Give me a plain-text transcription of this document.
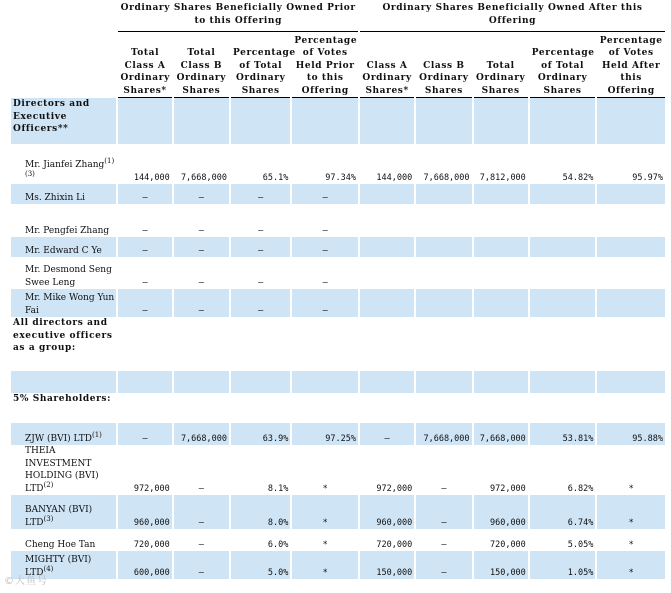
	Ordinary Shares Beneficially Owned Prior to this Offering				Ordinary Shares Beneficially Owned After this Offering				
	Total Class A Ordinary Shares*	Total Class B Ordinary Shares	Percentage of Total Ordinary Shares	Percentage of Votes Held Prior to this Offering	Class A Ordinary Shares*	Class B Ordinary Shares	Total Ordinary Shares	Percentage of Total Ordinary Shares	Percentage of Votes Held After this Offering
Directors and Executive Officers**									
Mr. Jianfei Zhang$^{(1)(3)}$	144,000	7,668,000	65.1%	97.34%	144,000	7,668,000	7,812,000	54.82%	95.97%
Ms. Zhixin Li	—	—	—	—					
Mr. Pengfei Zhang	—	—	—	—					
Mr. Edward C Ye	—	—	—	—					
Mr. Desmond Seng Swee Leng	—	—	—	—					
Mr. Mike Wong Yun Fai	—	—	—	—					
All directors and executive officers as a group:									

5% Shareholders:									
ZJW (BVI) LTD$^{(1)}$	—	7,668,000	63.9%	97.25%	—	7,668,000	7,668,000	53.81%	95.88%
THEIA INVESTMENT HOLDING (BVI) LTD$^{(2)}$	972,000	—	8.1%	*	972,000	—	972,000	6.82%	*
BANYAN (BVI) LTD$^{(3)}$	960,000	—	8.0%	*	960,000	—	960,000	6.74%	*
Cheng Hoe Tan	720,000	—	6.0%	*	720,000	—	720,000	5.05%	*
MIGHTY (BVI) LTD$^{(4)}$	600,000	—	5.0%	*	150,000	—	150,000	1.05%	*
©大鱼号
